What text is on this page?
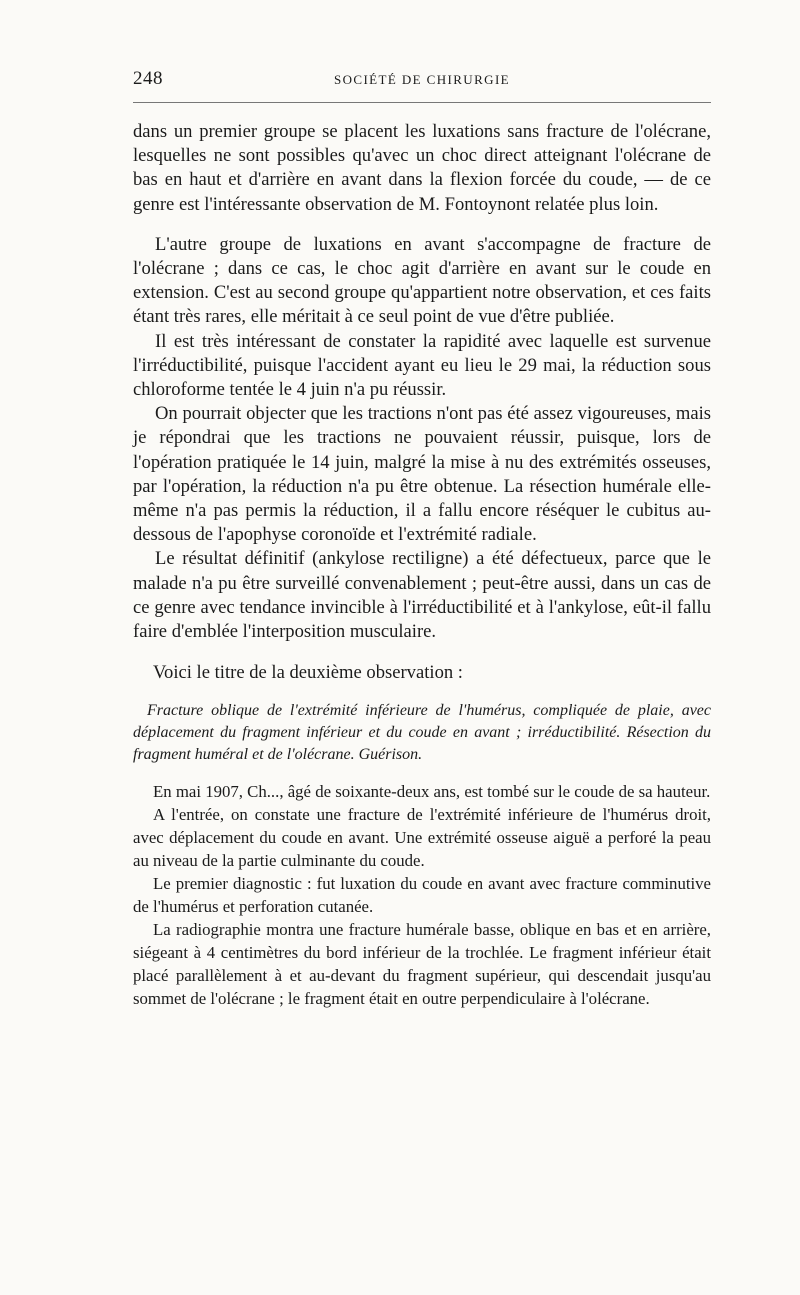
248	SOCIÉTÉ DE CHIRURGIE

dans un premier groupe se placent les luxations sans fracture de l'olécrane, lesquelles ne sont possibles qu'avec un choc direct atteignant l'olécrane de bas en haut et d'arrière en avant dans la flexion forcée du coude, — de ce genre est l'intéressante observation de M. Fontoynont relatée plus loin.

L'autre groupe de luxations en avant s'accompagne de fracture de l'olécrane ; dans ce cas, le choc agit d'arrière en avant sur le coude en extension. C'est au second groupe qu'appartient notre observation, et ces faits étant très rares, elle méritait à ce seul point de vue d'être publiée.

Il est très intéressant de constater la rapidité avec laquelle est survenue l'irréductibilité, puisque l'accident ayant eu lieu le 29 mai, la réduction sous chloroforme tentée le 4 juin n'a pu réussir.

On pourrait objecter que les tractions n'ont pas été assez vigoureuses, mais je répondrai que les tractions ne pouvaient réussir, puisque, lors de l'opération pratiquée le 14 juin, malgré la mise à nu des extrémités osseuses, par l'opération, la réduction n'a pu être obtenue. La résection humérale elle-même n'a pas permis la réduction, il a fallu encore réséquer le cubitus au-dessous de l'apophyse coronoïde et l'extrémité radiale.

Le résultat définitif (ankylose rectiligne) a été défectueux, parce que le malade n'a pu être surveillé convenablement ; peut-être aussi, dans un cas de ce genre avec tendance invincible à l'irréductibilité et à l'ankylose, eût-il fallu faire d'emblée l'interposition musculaire.

Voici le titre de la deuxième observation :
Fracture oblique de l'extrémité inférieure de l'humérus, compliquée de plaie, avec déplacement du fragment inférieur et du coude en avant ; irréductibilité. Résection du fragment huméral et de l'olécrane. Guérison.

En mai 1907, Ch..., âgé de soixante-deux ans, est tombé sur le coude de sa hauteur.

A l'entrée, on constate une fracture de l'extrémité inférieure de l'humérus droit, avec déplacement du coude en avant. Une extrémité osseuse aiguë a perforé la peau au niveau de la partie culminante du coude.

Le premier diagnostic : fut luxation du coude en avant avec fracture comminutive de l'humérus et perforation cutanée.

La radiographie montra une fracture humérale basse, oblique en bas et en arrière, siégeant à 4 centimètres du bord inférieur de la trochlée. Le fragment inférieur était placé parallèlement à et au-devant du fragment supérieur, qui descendait jusqu'au sommet de l'olécrane ; le fragment était en outre perpendiculaire à l'olécrane.
